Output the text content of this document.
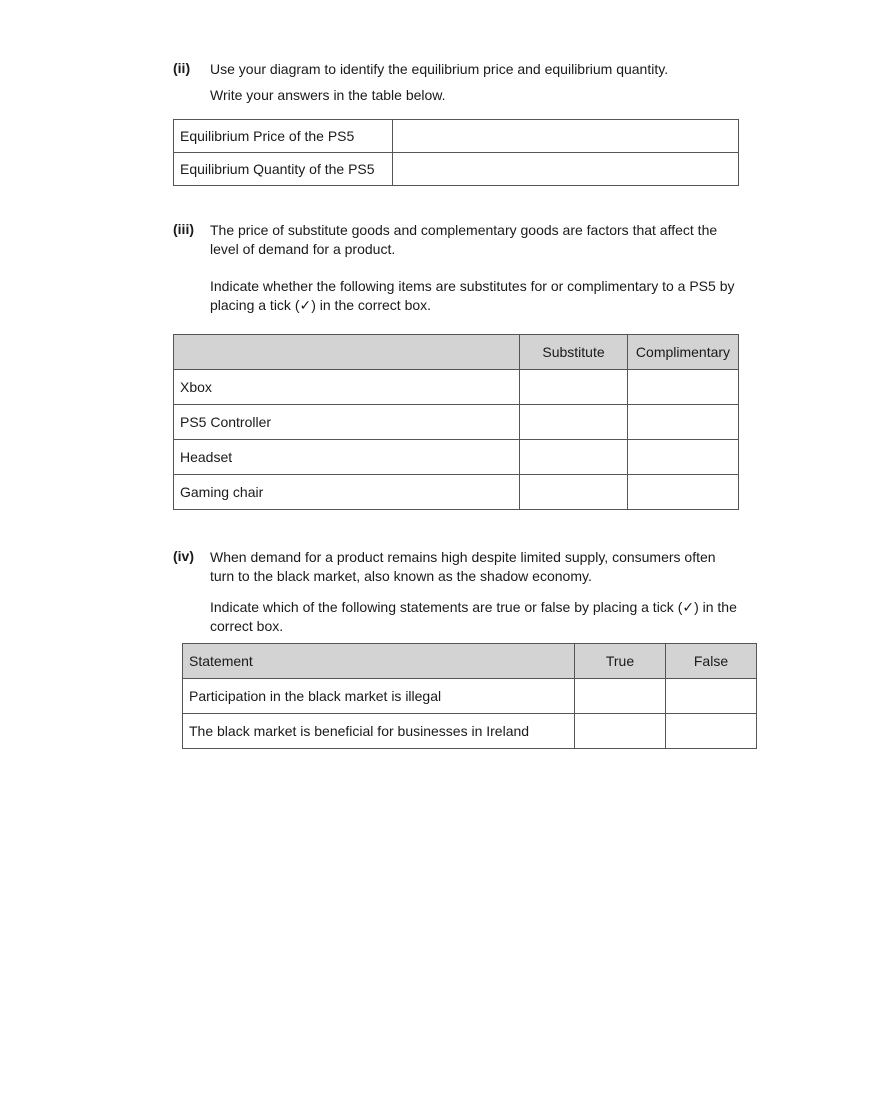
(ii) Use your diagram to identify the equilibrium price and equilibrium quantity.
Write your answers in the table below.
Equilibrium Price of the PS5	
Equilibrium Quantity of the PS5	
(iii) The price of substitute goods and complementary goods are factors that affect the
level of demand for a product.
Indicate whether the following items are substitutes for or complimentary to a PS5 by
placing a tick (✓) in the correct box.
	Substitute	Complimentary
Xbox		
PS5 Controller		
Headset		
Gaming chair		
(iv) When demand for a product remains high despite limited supply, consumers often
turn to the black market, also known as the shadow economy.
Indicate which of the following statements are true or false by placing a tick (✓) in the
correct box.
Statement	True	False
Participation in the black market is illegal		
The black market is beneficial for businesses in Ireland		
